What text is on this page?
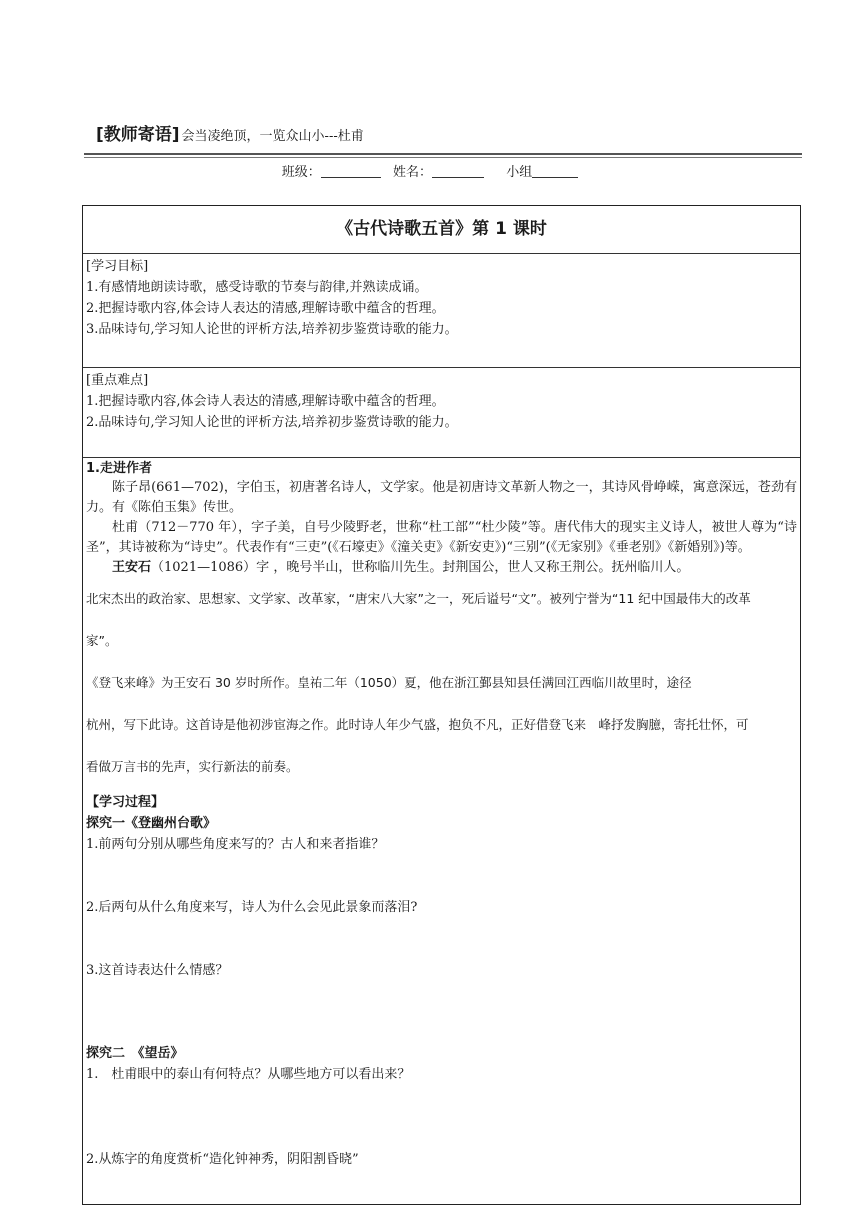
[教师寄语] 会当凌绝顶，一览众山小---杜甫
班级：	姓名：	小组
《古代诗歌五首》第 1 课时
[学习目标]
1.有感情地朗读诗歌，感受诗歌的节奏与韵律,并熟读成诵。
2.把握诗歌内容,体会诗人表达的清感,理解诗歌中蕴含的哲理。
3.品味诗句,学习知人论世的评析方法,培养初步鉴赏诗歌的能力。
[重点难点]
1.把握诗歌内容,体会诗人表达的清感,理解诗歌中蕴含的哲理。
2.品味诗句,学习知人论世的评析方法,培养初步鉴赏诗歌的能力。
1.走进作者
陈子昂(661—702)，字伯玉，初唐著名诗人，文学家。他是初唐诗文革新人物之一，其诗风骨峥嵘，寓意深远，苍劲有力。有《陈伯玉集》传世。
杜甫（712－770 年），字子美，自号少陵野老，世称“杜工部”“杜少陵”等。唐代伟大的现实主义诗人，被世人尊为“诗圣”，其诗被称为“诗史”。代表作有“三吏”(《石壕吏》《潼关吏》《新安吏》)“三别”(《无家别》《垂老别》《新婚别》)等。
王安石（1021—1086）字 ，晚号半山，世称临川先生。封荆国公，世人又称王荆公。抚州临川人。
北宋杰出的政治家、思想家、文学家、改革家，“唐宋八大家”之一，死后谥号“文”。被列宁誉为“11 纪中国最伟大的改革
家”。
《登飞来峰》为王安石 30 岁时所作。皇祐二年（1050）夏，他在浙江鄞县知县任满回江西临川故里时，途径
杭州，写下此诗。这首诗是他初涉宦海之作。此时诗人年少气盛，抱负不凡，正好借登飞来　峰抒发胸臆，寄托壮怀，可
看做万言书的先声，实行新法的前奏。
【学习过程】
探究一《登幽州台歌》
1.前两句分别从哪些角度来写的？古人和来者指谁？
2.后两句从什么角度来写，诗人为什么会见此景象而落泪?
3.这首诗表达什么情感？
探究二　《望岳》
1.　杜甫眼中的泰山有何特点？从哪些地方可以看出来？
2.从炼字的角度赏析“造化钟神秀，阴阳割昏晓”
